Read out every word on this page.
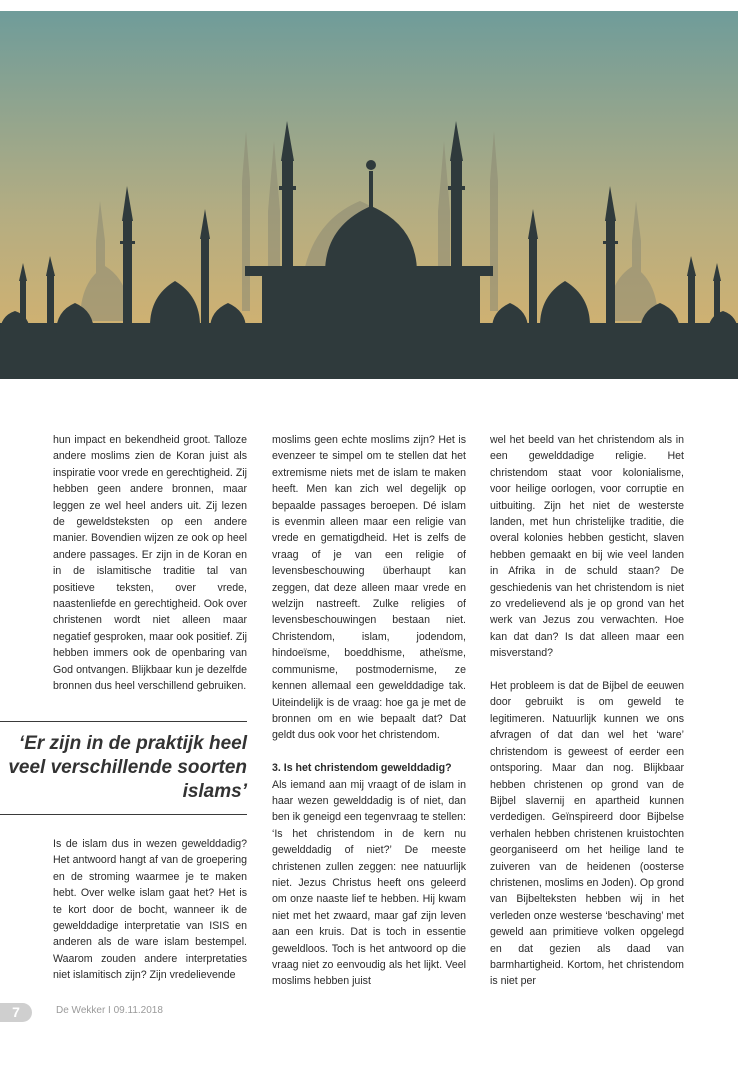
hun impact en bekendheid groot. Talloze andere moslims zien de Koran juist als inspiratie voor vrede en gerechtigheid. Zij hebben geen andere bronnen, maar leggen ze wel heel anders uit. Zij lezen de geweldsteksten op een andere manier. Bovendien wijzen ze ook op heel andere passages. Er zijn in de Koran en in de islamitische traditie tal van positieve teksten, over vrede, naastenliefde en gerechtigheid. Ook over christenen wordt niet alleen maar negatief gesproken, maar ook positief. Zij hebben immers ook de openbaring van God ontvangen. Blijkbaar kun je dezelfde bronnen dus heel verschillend gebruiken.

‘Er zijn in de praktijk heel veel verschillende soorten islams’

Is de islam dus in wezen gewelddadig? Het antwoord hangt af van de groepering en de stroming waarmee je te maken hebt. Over welke islam gaat het? Het is te kort door de bocht, wanneer ik de gewelddadige interpretatie van ISIS en anderen als de ware islam bestempel. Waarom zouden andere interpretaties niet islamitisch zijn? Zijn vredelievende

moslims geen echte moslims zijn? Het is evenzeer te simpel om te stellen dat het extremisme niets met de islam te maken heeft. Men kan zich wel degelijk op bepaalde passages beroepen. Dé islam is evenmin alleen maar een religie van vrede en gematigdheid. Het is zelfs de vraag of je van een religie of levensbeschouwing überhaupt kan zeggen, dat deze alleen maar vrede en welzijn nastreeft. Zulke religies of levensbeschouwingen bestaan niet. Christendom, islam, jodendom, hindoeïsme, boeddhisme, atheïsme, communisme, postmodernisme, ze kennen allemaal een gewelddadige tak. Uiteindelijk is de vraag: hoe ga je met de bronnen om en wie bepaalt dat? Dat geldt dus ook voor het christendom.

3. Is het christendom gewelddadig?

Als iemand aan mij vraagt of de islam in haar wezen gewelddadig is of niet, dan ben ik geneigd een tegenvraag te stellen: ‘Is het christendom in de kern nu gewelddadig of niet?’ De meeste christenen zullen zeggen: nee natuurlijk niet. Jezus Christus heeft ons geleerd om onze naaste lief te hebben. Hij kwam niet met het zwaard, maar gaf zijn leven aan een kruis. Dat is toch in essentie geweldloos. Toch is het antwoord op die vraag niet zo eenvoudig als het lijkt. Veel moslims hebben juist

wel het beeld van het christendom als in een gewelddadige religie. Het christendom staat voor kolonialisme, voor heilige oorlogen, voor corruptie en uitbuiting. Zijn het niet de westerste landen, met hun christelijke traditie, die overal kolonies hebben gesticht, slaven hebben gemaakt en bij wie veel landen in Afrika in de schuld staan? De geschiedenis van het christendom is niet zo vredelievend als je op grond van het werk van Jezus zou verwachten. Hoe kan dat dan? Is dat alleen maar een misverstand?

Het probleem is dat de Bijbel de eeuwen door gebruikt is om geweld te legitimeren. Natuurlijk kunnen we ons afvragen of dat dan wel het ‘ware’ christendom is geweest of eerder een ontsporing. Maar dan nog. Blijkbaar hebben christenen op grond van de Bijbel slavernij en apartheid kunnen verdedigen. Geïnspireerd door Bijbelse verhalen hebben christenen kruistochten georganiseerd om het heilige land te zuiveren van de heidenen (oosterse christenen, moslims en Joden). Op grond van Bijbelteksten hebben wij in het verleden onze westerse ‘beschaving’ met geweld aan primitieve volken opgelegd en dat gezien als daad van barmhartigheid. Kortom, het christendom is niet per

7	De Wekker I 09.11.2018
